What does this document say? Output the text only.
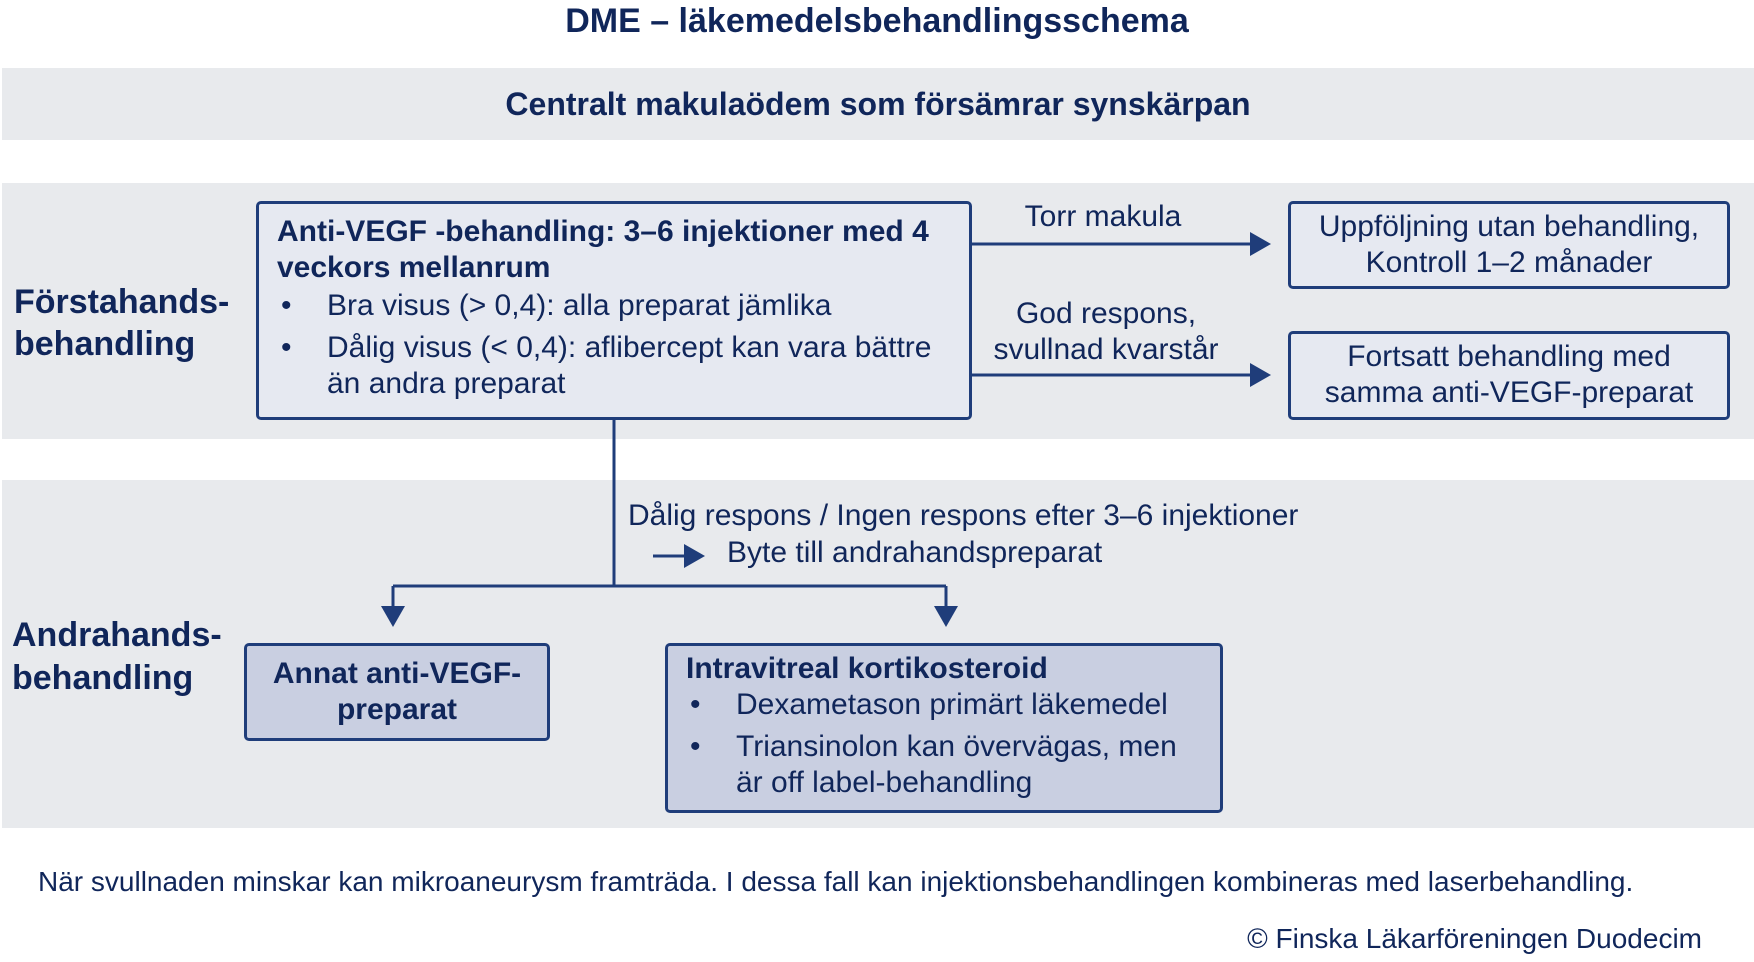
DME – läkemedelsbehandlingsschema
Centralt makulaödem som försämrar synskärpan
Förstahands-
behandling
Andrahands-
behandling
Anti-VEGF -behandling: 3–6 injektioner med 4 veckors mellanrum
• Bra visus (> 0,4): alla preparat jämlika
• Dålig visus (< 0,4): aflibercept kan vara bättre än andra preparat
Torr makula
God respons, svullnad kvarstår
Uppföljning utan behandling, Kontroll 1–2 månader
Fortsatt behandling med samma anti-VEGF-preparat
Dålig respons / Ingen respons efter 3–6 injektioner
Byte till andrahandspreparat
Annat anti-VEGF-preparat
Intravitreal kortikosteroid
• Dexametason primärt läkemedel
• Triansinolon kan övervägas, men är off label-behandling
När svullnaden minskar kan mikroaneurysm framträda. I dessa fall kan injektionsbehandlingen kombineras med laserbehandling.
© Finska Läkarföreningen Duodecim
